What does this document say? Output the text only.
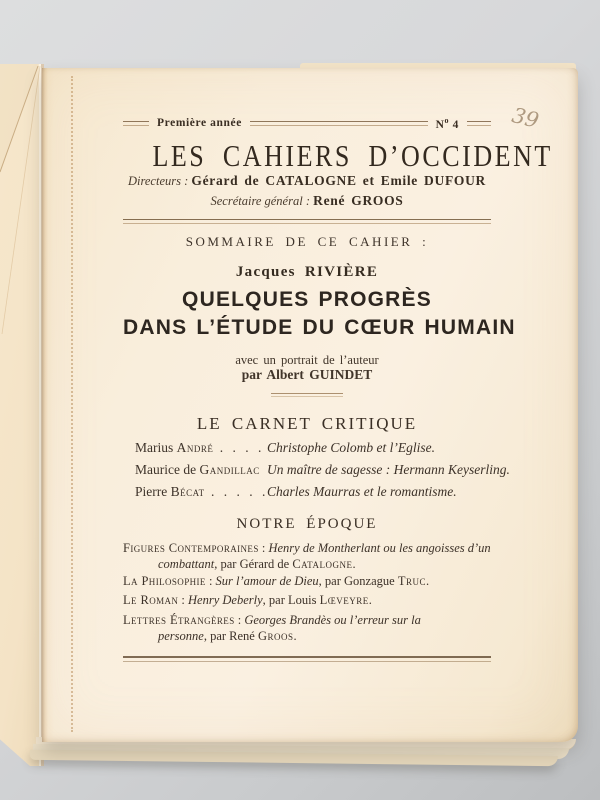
39
Première année	$N^o$ 4
LES CAHIERS D’OCCIDENT
Directeurs : Gérard de CATALOGNE et Emile DUFOUR
Secrétaire général : René GROOS
SOMMAIRE DE CE CAHIER :
Jacques RIVIÈRE
QUELQUES PROGRÈS
DANS L’ÉTUDE DU CŒUR HUMAIN
avec un portrait de l’auteur
par Albert GUINDET
LE CARNET CRITIQUE
Marius André . . . . Christophe Colomb et l’Eglise.
Maurice de Gandillac Un maître de sagesse : Hermann Keyserling.
Pierre Bécat . . . . .
Charles Maurras et le romantisme.
NOTRE ÉPOQUE
Figures Contemporaines : Henry de Montherlant ou les angoisses d’un combattant, par Gérard de Catalogne.
La Philosophie : Sur l’amour de Dieu, par Gonzague Truc.
Le Roman : Henry Deberly, par Louis Lœveyre.
Lettres Étrangères : Georges Brandès ou l’erreur sur la personne, par René Groos.
